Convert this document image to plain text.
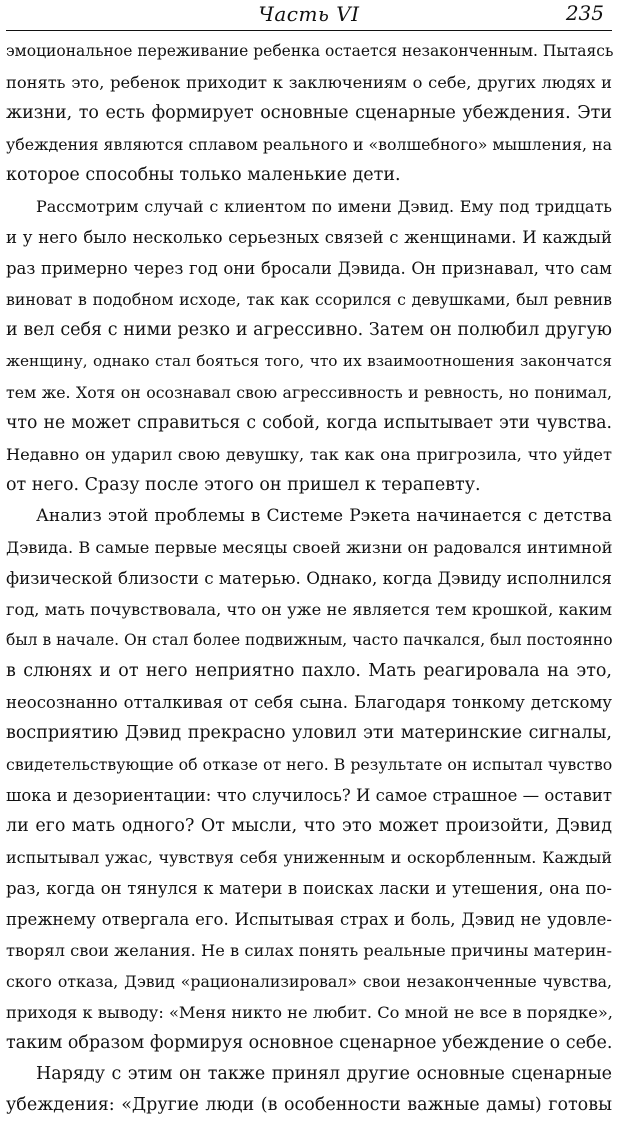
Часть VI	235
эмоциональное переживание ребенка остается незаконченным. Пытаясь
понять это, ребенок приходит к заключениям о себе, других людях и
жизни, то есть формирует основные сценарные убеждения. Эти
убеждения являются сплавом реального и «волшебного» мышления, на
которое способны только маленькие дети.
Рассмотрим случай с клиентом по имени Дэвид. Ему под тридцать
и у него было несколько серьезных связей с женщинами. И каждый
раз примерно через год они бросали Дэвида. Он признавал, что сам
виноват в подобном исходе, так как ссорился с девушками, был ревнив
и вел себя с ними резко и агрессивно. Затем он полюбил другую
женщину, однако стал бояться того, что их взаимоотношения закончатся
тем же. Хотя он осознавал свою агрессивность и ревность, но понимал,
что не может справиться с собой, когда испытывает эти чувства.
Недавно он ударил свою девушку, так как она пригрозила, что уйдет
от него. Сразу после этого он пришел к терапевту.
Анализ этой проблемы в Системе Рэкета начинается с детства
Дэвида. В самые первые месяцы своей жизни он радовался интимной
физической близости с матерью. Однако, когда Дэвиду исполнился
год, мать почувствовала, что он уже не является тем крошкой, каким
был в начале. Он стал более подвижным, часто пачкался, был постоянно
в слюнях и от него неприятно пахло. Мать реагировала на это,
неосознанно отталкивая от себя сына. Благодаря тонкому детскому
восприятию Дэвид прекрасно уловил эти материнские сигналы,
свидетельствующие об отказе от него. В результате он испытал чувство
шока и дезориентации: что случилось? И самое страшное — оставит
ли его мать одного? От мысли, что это может произойти, Дэвид
испытывал ужас, чувствуя себя униженным и оскорбленным. Каждый
раз, когда он тянулся к матери в поисках ласки и утешения, она по-
прежнему отвергала его. Испытывая страх и боль, Дэвид не удовле-
творял свои желания. Не в силах понять реальные причины материн-
ского отказа, Дэвид «рационализировал» свои незаконченные чувства,
приходя к выводу: «Меня никто не любит. Со мной не все в порядке»,
таким образом формируя основное сценарное убеждение о себе.
Наряду с этим он также принял другие основные сценарные
убеждения: «Другие люди (в особенности важные дамы) готовы
